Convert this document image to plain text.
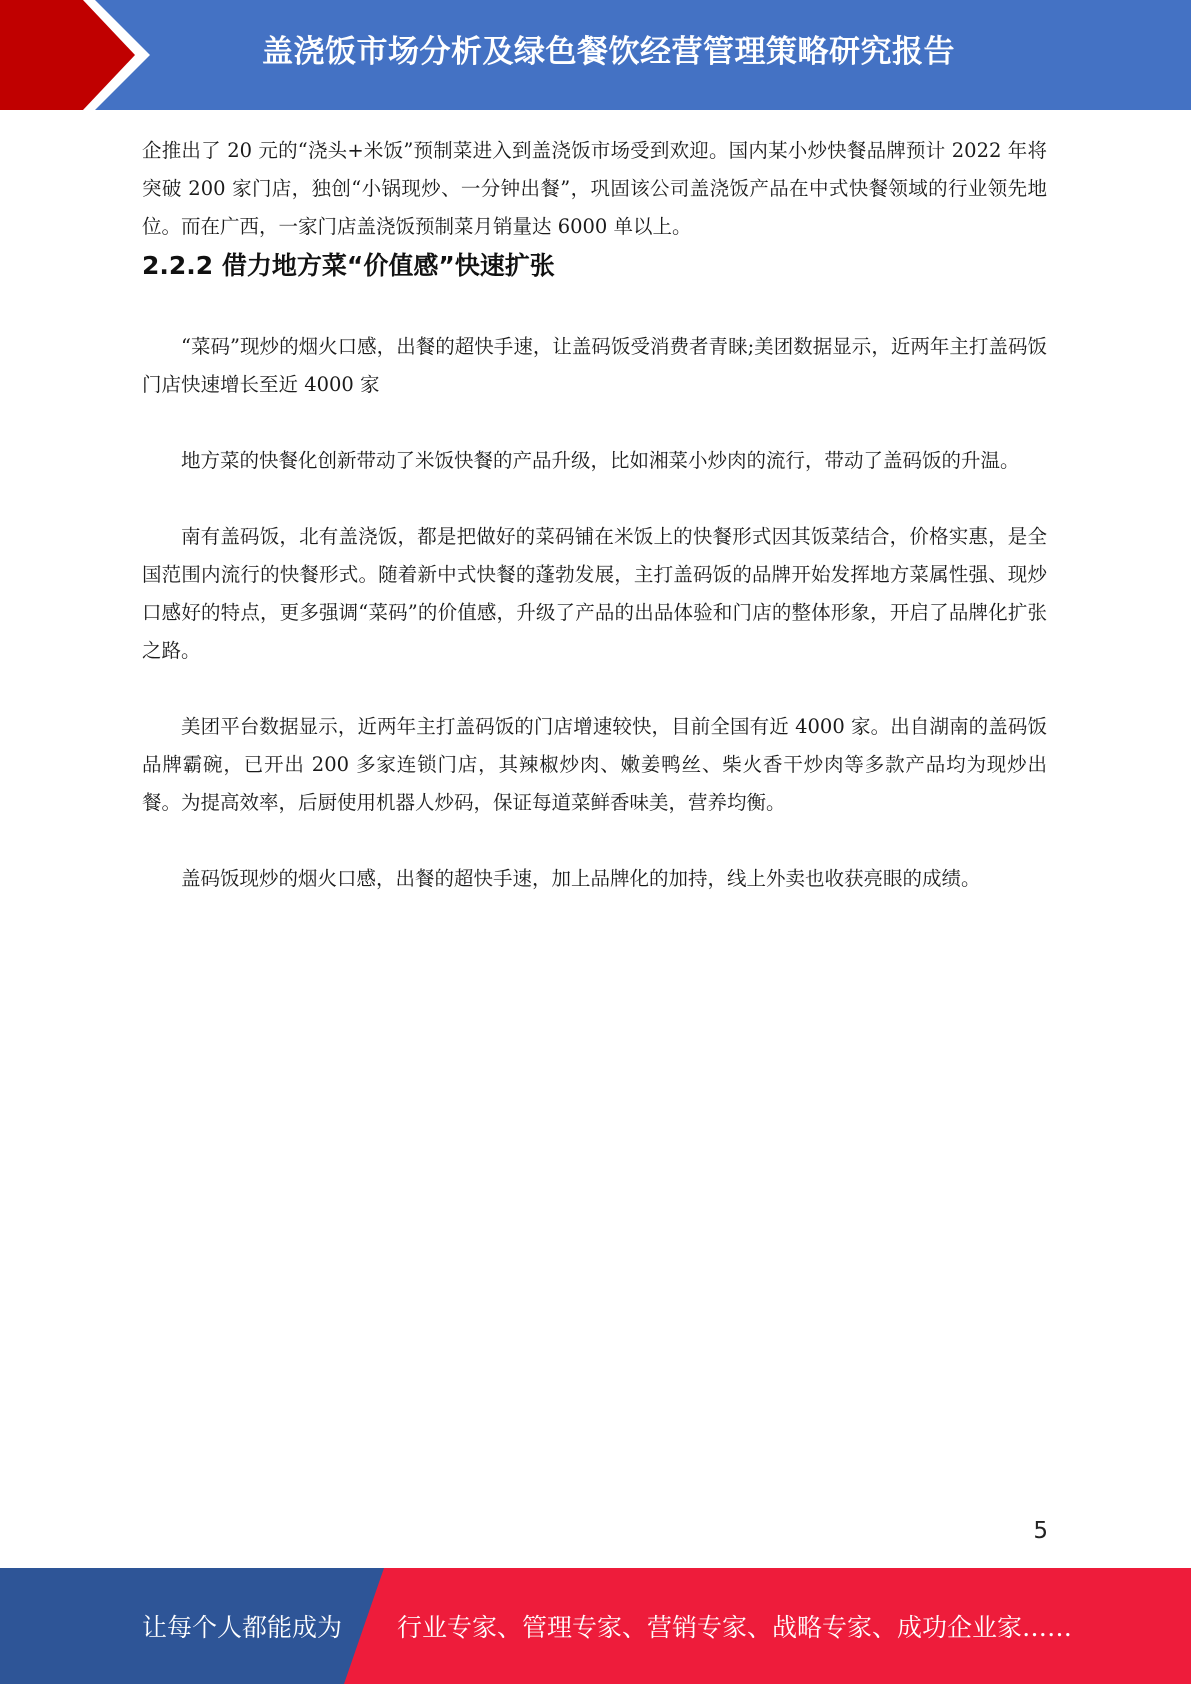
盖浇饭市场分析及绿色餐饮经营管理策略研究报告

企推出了 20 元的“浇头+米饭”预制菜进入到盖浇饭市场受到欢迎。国内某小炒快餐品牌预计 2022 年将突破 200 家门店，独创“小锅现炒、一分钟出餐”，巩固该公司盖浇饭产品在中式快餐领域的行业领先地位。而在广西，一家门店盖浇饭预制菜月销量达 6000 单以上。

2.2.2 借力地方菜“价值感”快速扩张

“菜码”现炒的烟火口感，出餐的超快手速，让盖码饭受消费者青睐;美团数据显示，近两年主打盖码饭门店快速增长至近 4000 家

地方菜的快餐化创新带动了米饭快餐的产品升级，比如湘菜小炒肉的流行，带动了盖码饭的升温。

南有盖码饭，北有盖浇饭，都是把做好的菜码铺在米饭上的快餐形式因其饭菜结合，价格实惠，是全国范围内流行的快餐形式。随着新中式快餐的蓬勃发展，主打盖码饭的品牌开始发挥地方菜属性强、现炒口感好的特点，更多强调“菜码”的价值感，升级了产品的出品体验和门店的整体形象，开启了品牌化扩张之路。

美团平台数据显示，近两年主打盖码饭的门店增速较快，目前全国有近 4000 家。出自湖南的盖码饭品牌霸碗，已开出 200 多家连锁门店，其辣椒炒肉、嫩姜鸭丝、柴火香干炒肉等多款产品均为现炒出餐。为提高效率，后厨使用机器人炒码，保证每道菜鲜香味美，营养均衡。

盖码饭现炒的烟火口感，出餐的超快手速，加上品牌化的加持，线上外卖也收获亮眼的成绩。

5
让每个人都能成为 行业专家、管理专家、营销专家、战略专家、成功企业家……
